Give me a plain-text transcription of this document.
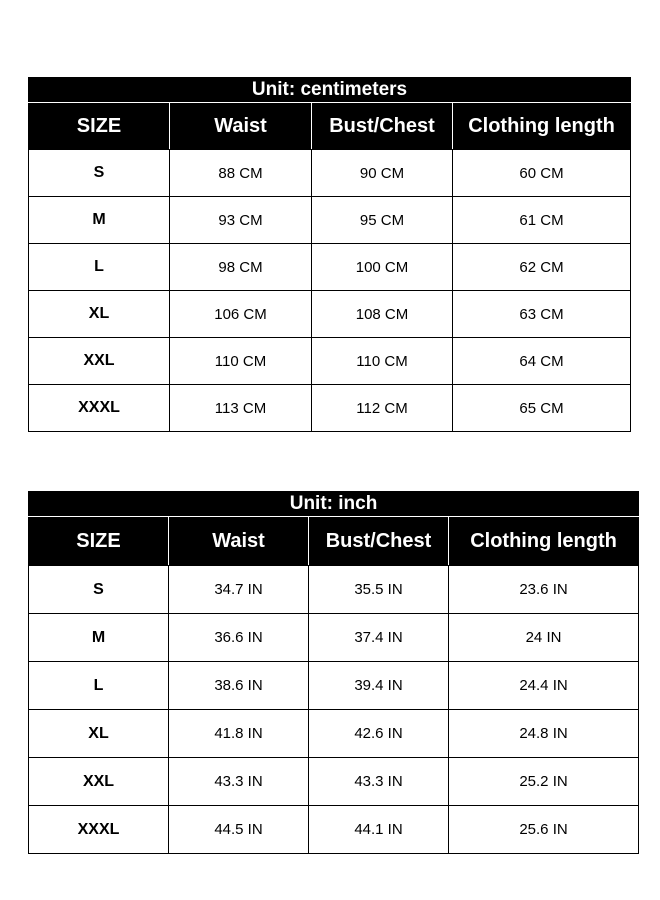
Unit: centimeters			
SIZE	Waist	Bust/Chest	Clothing length
S	88 CM	90 CM	60 CM
M	93 CM	95 CM	61 CM
L	98 CM	100 CM	62 CM
XL	106 CM	108 CM	63 CM
XXL	110 CM	110 CM	64 CM
XXXL	113 CM	112 CM	65 CM
Unit: inch			
SIZE	Waist	Bust/Chest	Clothing length
S	34.7 IN	35.5 IN	23.6 IN
M	36.6 IN	37.4 IN	24 IN
L	38.6 IN	39.4 IN	24.4 IN
XL	41.8 IN	42.6 IN	24.8 IN
XXL	43.3 IN	43.3 IN	25.2 IN
XXXL	44.5 IN	44.1 IN	25.6 IN
